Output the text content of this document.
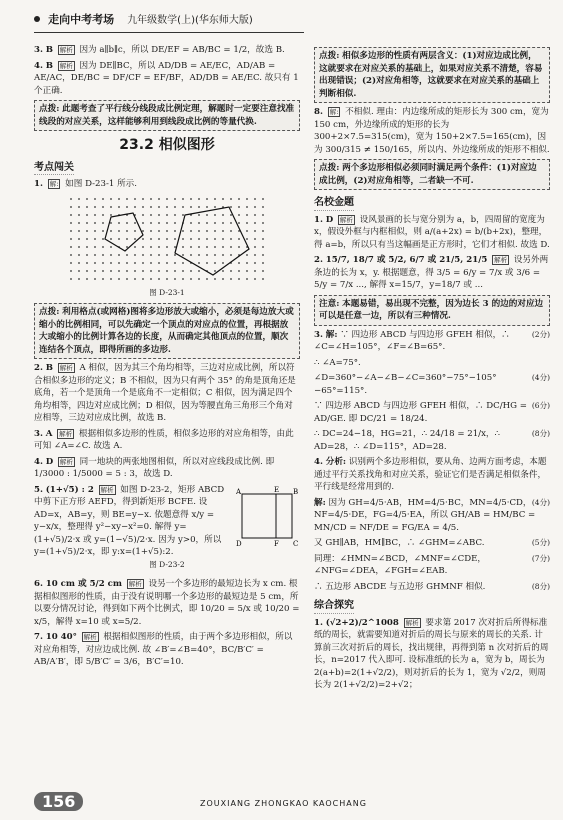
走向中考考场 九年级数学(上)(华东师大版)
3. B 解析 因为 a∥b∥c，所以 DE/EF = AB/BC = 1/2，故选 B.
4. B 解析 因为 DE∥BC，所以 AD/DB = AE/EC，AD/AB = AE/AC，DE/BC = DF/CF = EF/BF，AD/DB = AE/EC. 故只有 1 个正确.
点拨: 此题考查了平行线分线段成比例定理，解题时一定要注意找准线段的对应关系，这样能够利用到线段成比例的等量代换.
23.2 相似图形
考点闯关
1. 解: 如图 D-23-1 所示.
图 D-23-1
点拨: 利用格点(或网格)图将多边形放大或缩小，必须是每边放大或缩小的比例相同，可以先确定一个顶点的对应点的位置，再根据放大或缩小的比例计算各边的长度，从而确定其他顶点的位置，顺次连结各个顶点，即得所画的多边形.
2. B 解析 A 相似，因为其三个角均相等，三边对应成比例，所以符合相似多边形的定义；B 不相似，因为只有两个 35° 的角是顶角还是底角，若一个是顶角一个是底角不一定相似；C 相似，因为满足四个角均相等，四边对应成比例；D 相似，因为等腰直角三角形三个角对应相等，三边对应成比例，故选 B.
3. A 解析 根据相似多边形的性质，相似多边形的对应角相等，由此可知 ∠A=∠C. 故选 A.
4. D 解析 同一地块的两张地图相似，所以对应线段成比例. 即 1/3000 : 1/5000 = 5 : 3，故选 D.
A	E B
D	F C
5. (1+√5) : 2 解析 如图 D-23-2，矩形 ABCD 中剪下正方形 AEFD，得到新矩形 BCFE. 设 AD=x，AB=y，则 BE=y−x. 依题意得 x/y = y−x/x，整理得 y²−xy−x²=0. 解得 y=(1+√5)/2·x 或 y=(1−√5)/2·x. 因为 y>0，所以 y=(1+√5)/2·x，即 y:x=(1+√5):2.
图 D-23-2
6. 10 cm 或 5/2 cm 解析 设另一个多边形的最短边长为 x cm. 根据相似图形的性质，由于没有说明哪一个多边形的最短边是 5 cm，所以要分情况讨论，得到如下两个比例式，即 10/20 = 5/x 或 10/20 = x/5，解得 x=10 或 x=5/2.
7. 10 40° 解析 根据相似图形的性质，由于两个多边形相似，所以对应角相等，对应边成比例. 故 ∠B′=∠B=40°，BC/B′C′ = AB/A′B′，即 5/B′C′ = 3/6，B′C′=10.
点拨: 相似多边形的性质有两层含义：(1)对应边成比例，这就要求在对应关系的基础上，如果对应关系不清楚，容易出现错误；(2)对应角相等，这就要求在对应关系的基础上判断相似.
8. 解: 不相似. 理由：内边缘所成的矩形长为 300 cm，宽为 150 cm，外边缘所成的矩形的长为 300+2×7.5=315(cm)，宽为 150+2×7.5=165(cm)，因为 300/315 ≠ 150/165，所以内、外边缘所成的矩形不相似.
点拨: 两个多边形相似必须同时满足两个条件：(1)对应边成比例，(2)对应角相等，二者缺一不可.
名校金题
1. D 解析 设风景画的长与宽分别为 a，b，四周留的宽度为 x，假设外框与内框相似，则 a/(a+2x) = b/(b+2x)，整理，得 a=b，所以只有当这幅画是正方形时，它们才相似. 故选 D.
2. 15/7, 18/7 或 5/2, 6/7 或 21/5, 21/5 解析 设另外两条边的长为 x，y. 根据题意，得 3/5 = 6/y = 7/x 或 3/6 = 5/y = 7/x ..., 解得 x=15/7，y=18/7 或 ...
注意: 本题易错，易出现不完整，因为边长 3 的边的对应边可以是任意一边，所以有三种情况.
(2分)
3. 解: ∵ 四边形 ABCD 与四边形 GFEH 相似，∴ ∠C=∠H=105°，∠F=∠B=65°.
∴ ∠A=75°.
(4分)
∠D=360°−∠A−∠B−∠C=360°−75°−105°−65°=115°.
(6分)
∵ 四边形 ABCD 与四边形 GFEH 相似，∴ DC/HG = AD/GE. 即 DC/21 = 18/24.
(8分)
∴ DC=24−18，HG=21，∴ 24/18 = 21/x，∴ AD=28，∴ ∠D=115°，AD=28.
4. 分析: 识别两个多边形相似，要从角、边两方面考虑，本题通过平行关系找角和对应关系，验证它们是否满足相似条件，平行线是经常用到的.
(4分)
解: 因为 GH=4/5·AB，HM=4/5·BC，MN=4/5·CD，NF=4/5·DE，FG=4/5·EA，所以 GH/AB = HM/BC = MN/CD = NF/DE = FG/EA = 4/5.
(5分)
又 GH∥AB，HM∥BC，∴ ∠GHM=∠ABC.
(7分)
同理：∠HMN=∠BCD，∠MNF=∠CDE，∠NFG=∠DEA，∠FGH=∠EAB.
(8分)
∴ 五边形 ABCDE 与五边形 GHMNF 相似.
综合探究
1. (√2+2)/2^1008 解析 要求第 2017 次对折后所得标准纸的周长，就需要知道对折后的周长与原来的周长的关系. 计算前三次对折后的周长，找出规律，再得到第 n 次对折后的周长，n=2017 代入即可. 设标准纸的长为 a，宽为 b，周长为 2(a+b)=2(1+√2/2)，则对折后的长为 1，宽为 √2/2，则周长为 2(1+√2/2)=2+√2；
156	ZOUXIANG ZHONGKAO KAOCHANG
